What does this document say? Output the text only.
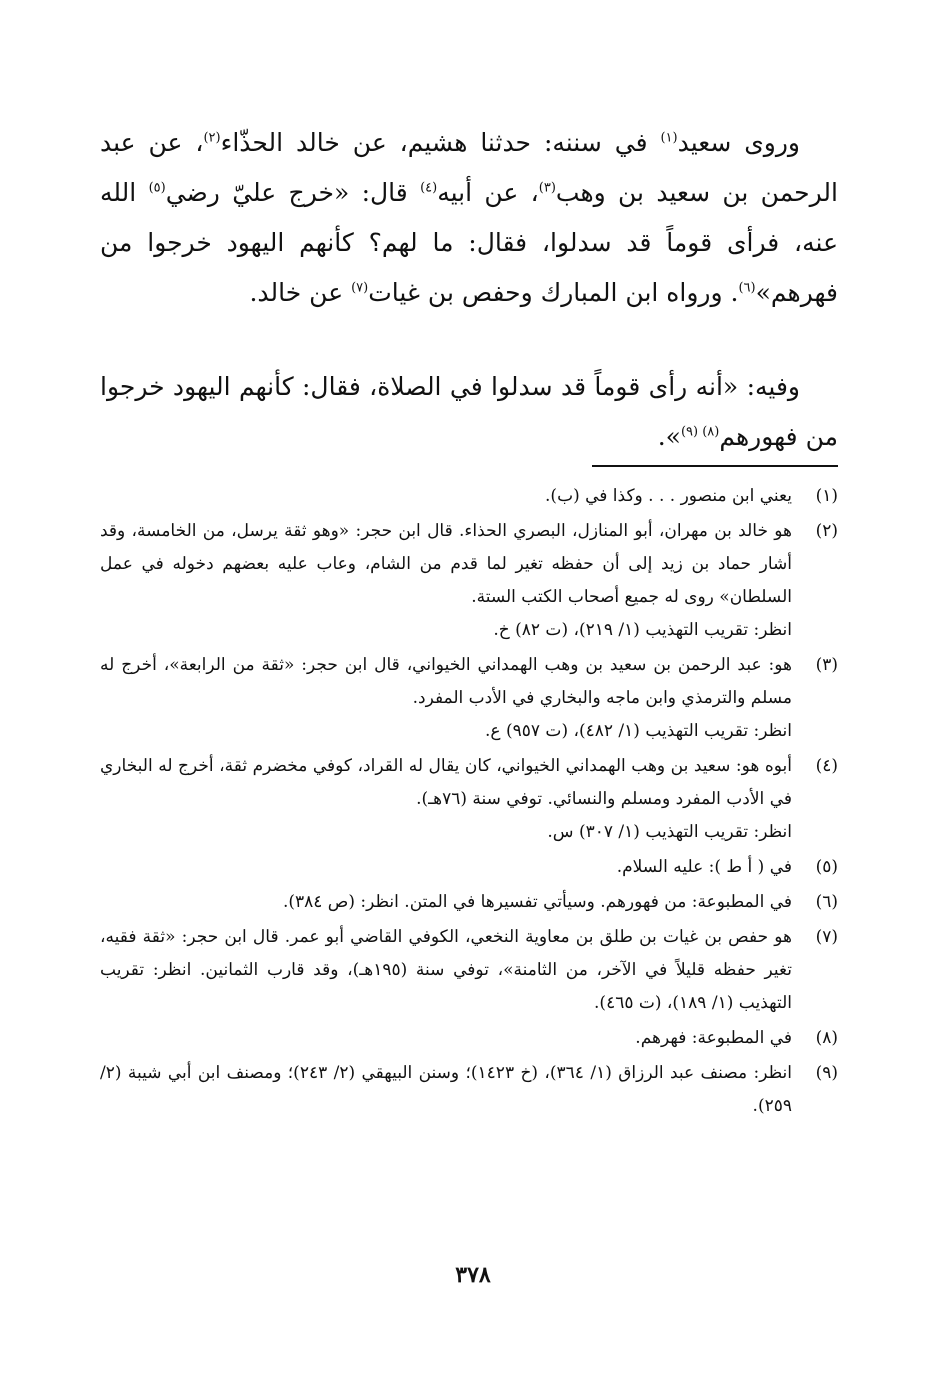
وروى سعيد$^{(١)}$ في سننه: حدثنا هشيم، عن خالد الحذّاء$^{(٢)}$، عن عبد الرحمن بن سعيد بن وهب$^{(٣)}$، عن أبيه$^{(٤)}$ قال: «خرج عليّ رضي$^{(٥)}$ الله عنه، فرأى قوماً قد سدلوا، فقال: ما لهم؟ كأنهم اليهود خرجوا من فهرهم»$^{(٦)}$. ورواه ابن المبارك وحفص بن غيات$^{(٧)}$ عن خالد.

وفيه: «أنه رأى قوماً قد سدلوا في الصلاة، فقال: كأنهم اليهود خرجوا من فهورهم$^{(٨) (٩)}$».

(١)
يعني ابن منصور . . . وكذا في (ب).
(٢)
هو خالد بن مهران، أبو المنازل، البصري الحذاء. قال ابن حجر: «وهو ثقة يرسل، من الخامسة، وقد أشار حماد بن زيد إلى أن حفظه تغير لما قدم من الشام، وعاب عليه بعضهم دخوله في عمل السلطان» روى له جميع أصحاب الكتب الستة.
انظر: تقريب التهذيب (١/ ٢١٩)، (ت ٨٢) خ.
(٣)
هو: عبد الرحمن بن سعيد بن وهب الهمداني الخيواني، قال ابن حجر: «ثقة من الرابعة»، أخرج له مسلم والترمذي وابن ماجه والبخاري في الأدب المفرد.
انظر: تقريب التهذيب (١/ ٤٨٢)، (ت ٩٥٧) ع.
(٤)
أبوه هو: سعيد بن وهب الهمداني الخيواني، كان يقال له القراد، كوفي مخضرم ثقة، أخرج له البخاري في الأدب المفرد ومسلم والنسائي. توفي سنة (٧٦هـ).
انظر: تقريب التهذيب (١/ ٣٠٧) س.
(٥)
في ( أ ط ): عليه السلام.
(٦)
في المطبوعة: من فهورهم. وسيأتي تفسيرها في المتن. انظر: (ص ٣٨٤).
(٧)
هو حفص بن غيات بن طلق بن معاوية النخعي، الكوفي القاضي أبو عمر. قال ابن حجر: «ثقة فقيه، تغير حفظه قليلاً في الآخر، من الثامنة»، توفي سنة (١٩٥هـ)، وقد قارب الثمانين. انظر: تقريب التهذيب (١/ ١٨٩)، (ت ٤٦٥).
(٨)
في المطبوعة: فهرهم.
(٩)
انظر: مصنف عبد الرزاق (١/ ٣٦٤)، (خ ١٤٢٣)؛ وسنن البيهقي (٢/ ٢٤٣)؛ ومصنف ابن أبي شيبة (٢/ ٢٥٩).
٣٧٨
